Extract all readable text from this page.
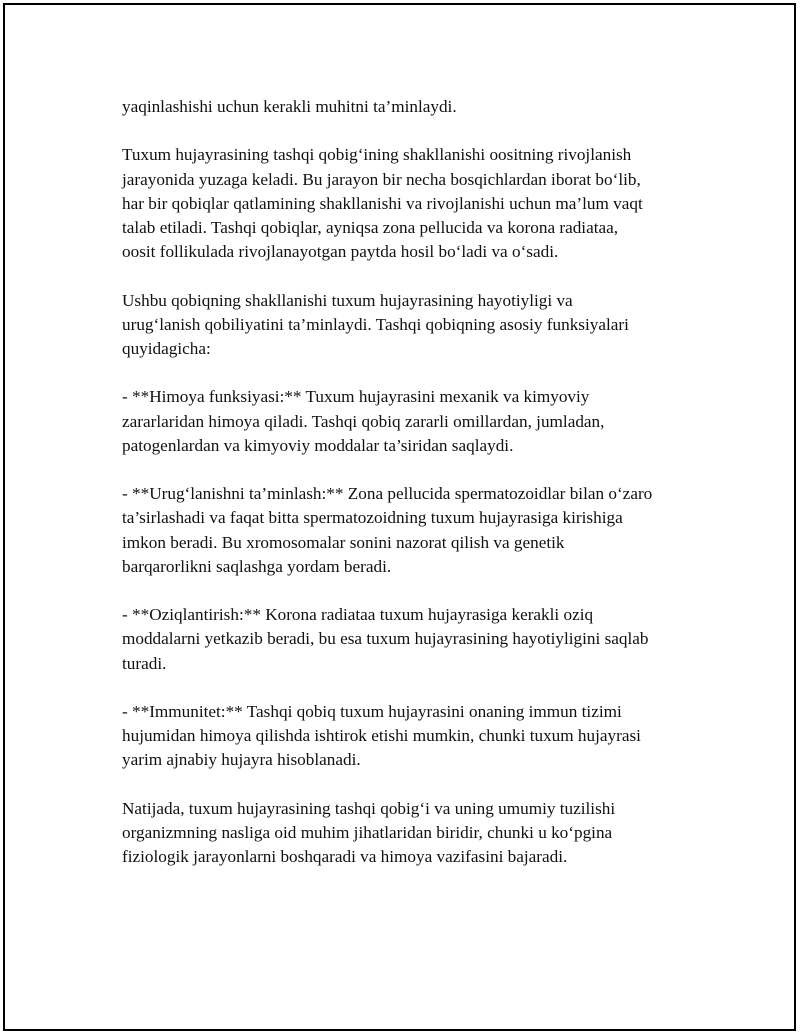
yaqinlashishi uchun kerakli muhitni ta’minlaydi.

Tuxum hujayrasining tashqi qobig‘ining shakllanishi oositning rivojlanish
jarayonida yuzaga keladi. Bu jarayon bir necha bosqichlardan iborat bo‘lib,
har bir qobiqlar qatlamining shakllanishi va rivojlanishi uchun ma’lum vaqt
talab etiladi. Tashqi qobiqlar, ayniqsa zona pellucida va korona radiataa,
oosit follikulada rivojlanayotgan paytda hosil bo‘ladi va o‘sadi.

Ushbu qobiqning shakllanishi tuxum hujayrasining hayotiyligi va
urug‘lanish qobiliyatini ta’minlaydi. Tashqi qobiqning asosiy funksiyalari
quyidagicha:

- **Himoya funksiyasi:** Tuxum hujayrasini mexanik va kimyoviy
zararlaridan himoya qiladi. Tashqi qobiq zararli omillardan, jumladan,
patogenlardan va kimyoviy moddalar ta’siridan saqlaydi.

- **Urug‘lanishni ta’minlash:** Zona pellucida spermatozoidlar bilan o‘zaro
ta’sirlashadi va faqat bitta spermatozoidning tuxum hujayrasiga kirishiga
imkon beradi. Bu xromosomalar sonini nazorat qilish va genetik
barqarorlikni saqlashga yordam beradi.

- **Oziqlantirish:** Korona radiataa tuxum hujayrasiga kerakli oziq
moddalarni yetkazib beradi, bu esa tuxum hujayrasining hayotiyligini saqlab
turadi.

- **Immunitet:** Tashqi qobiq tuxum hujayrasini onaning immun tizimi
hujumidan himoya qilishda ishtirok etishi mumkin, chunki tuxum hujayrasi
yarim ajnabiy hujayra hisoblanadi.

Natijada, tuxum hujayrasining tashqi qobig‘i va uning umumiy tuzilishi
organizmning nasliga oid muhim jihatlaridan biridir, chunki u ko‘pgina
fiziologik jarayonlarni boshqaradi va himoya vazifasini bajaradi.
